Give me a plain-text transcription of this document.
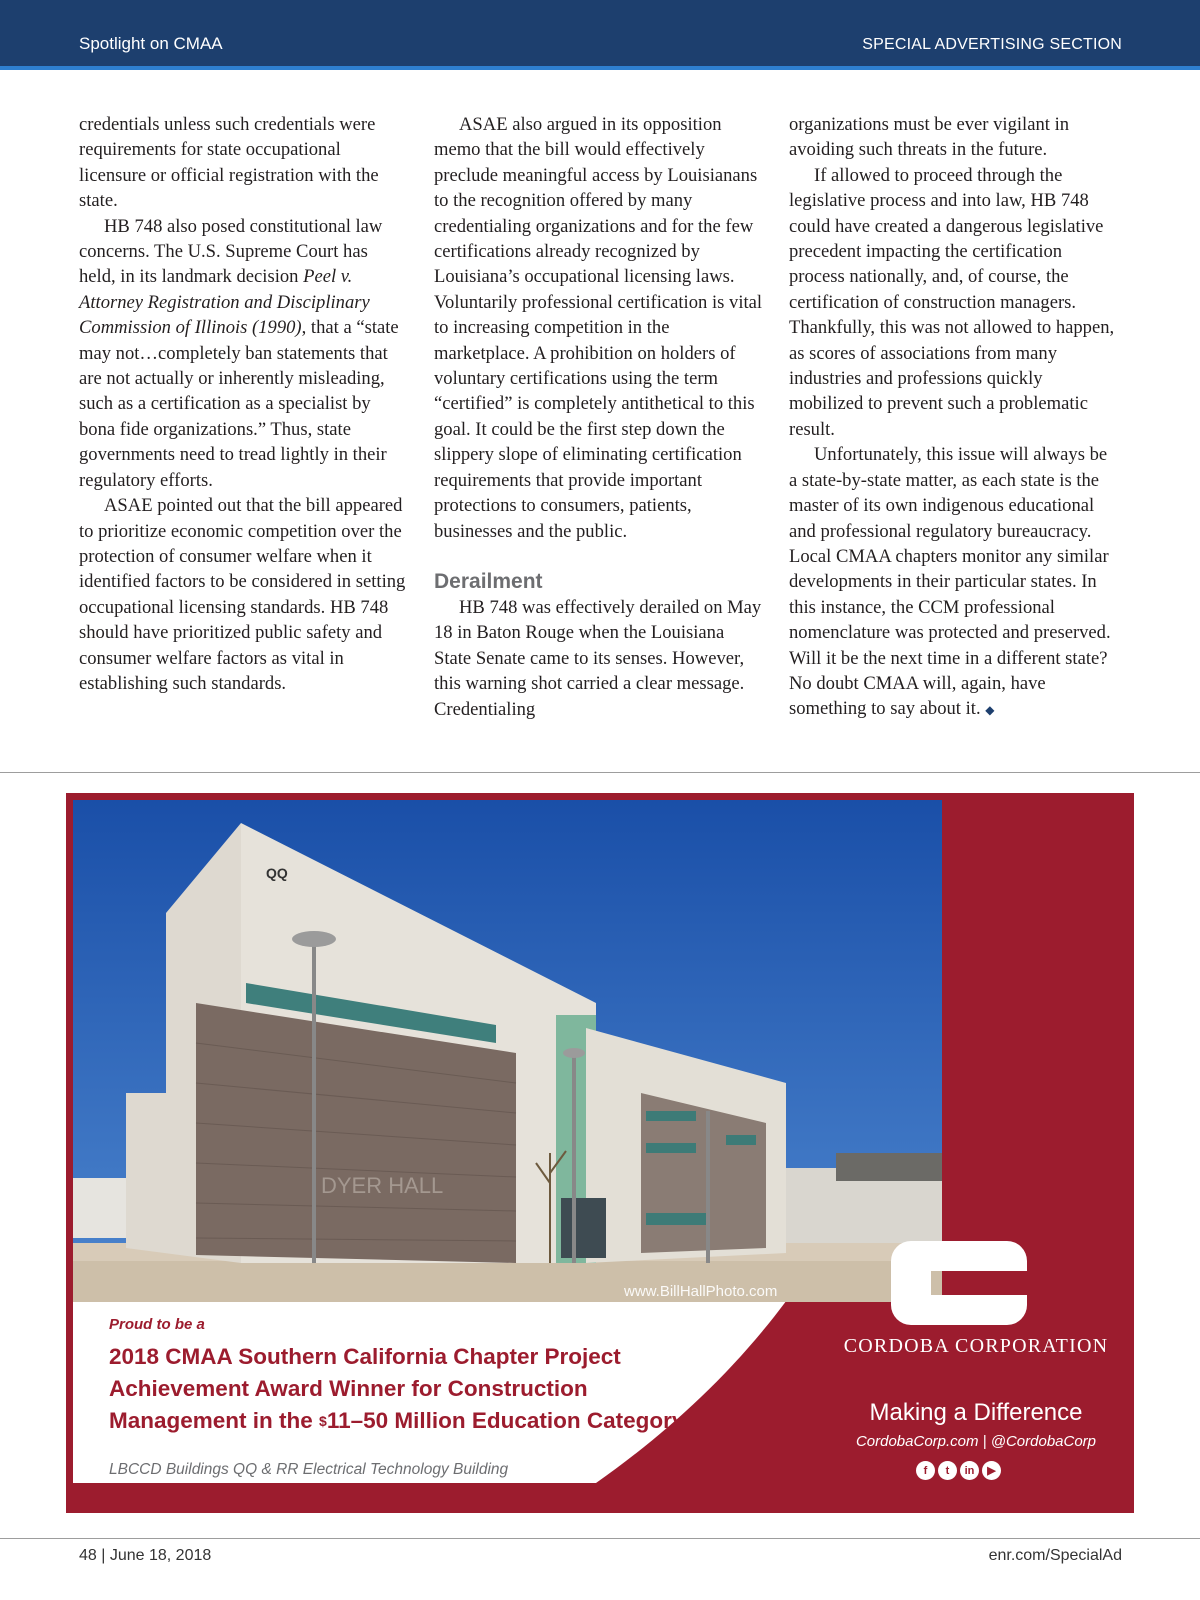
Spotlight on CMAA	SPECIAL ADVERTISING SECTION

credentials unless such credentials were requirements for state occupational licensure or official registration with the state.

HB 748 also posed constitutional law concerns. The U.S. Supreme Court has held, in its landmark decision Peel v. Attorney Registration and Disciplinary Commission of Illinois (1990), that a “state may not…completely ban statements that are not actually or inherently misleading, such as a certification as a specialist by bona fide organizations.” Thus, state governments need to tread lightly in their regulatory efforts.

ASAE pointed out that the bill appeared to prioritize economic competition over the protection of consumer welfare when it identified factors to be considered in setting occupational licensing standards. HB 748 should have prioritized public safety and consumer welfare factors as vital in establishing such standards.

ASAE also argued in its opposition memo that the bill would effectively preclude meaningful access by Louisianans to the recognition offered by many credentialing organizations and for the few certifications already recognized by Louisiana’s occupational licensing laws. Voluntarily professional certification is vital to increasing competition in the marketplace. A prohibition on holders of voluntary certifications using the term “certified” is completely antithetical to this goal. It could be the first step down the slippery slope of eliminating certification requirements that provide important protections to consumers, patients, businesses and the public.

Derailment

HB 748 was effectively derailed on May 18 in Baton Rouge when the Louisiana State Senate came to its senses. However, this warning shot carried a clear message. Credentialing

organizations must be ever vigilant in avoiding such threats in the future.

If allowed to proceed through the legislative process and into law, HB 748 could have created a dangerous legislative precedent impacting the certification process nationally, and, of course, the certification of construction managers. Thankfully, this was not allowed to happen, as scores of associations from many industries and professions quickly mobilized to prevent such a problematic result.

Unfortunately, this issue will always be a state-by-state matter, as each state is the master of its own indigenous educational and professional regulatory bureaucracy. Local CMAA chapters monitor any similar developments in their particular states. In this instance, the CCM professional nomenclature was protected and preserved. Will it be the next time in a different state? No doubt CMAA will, again, have something to say about it. ◆

DYER HALL
QQ
www.BillHallPhoto.com
Proud to be a
2018 CMAA Southern California Chapter Project
Achievement Award Winner for Construction
Management in the $11–50 Million Education Category
LBCCD Buildings QQ & RR Electrical Technology Building
CORDOBA CORPORATION
Making a Difference
CordobaCorp.com | @CordobaCorp
f	t	in	▶
48 | June 18, 2018	enr.com/SpecialAd
